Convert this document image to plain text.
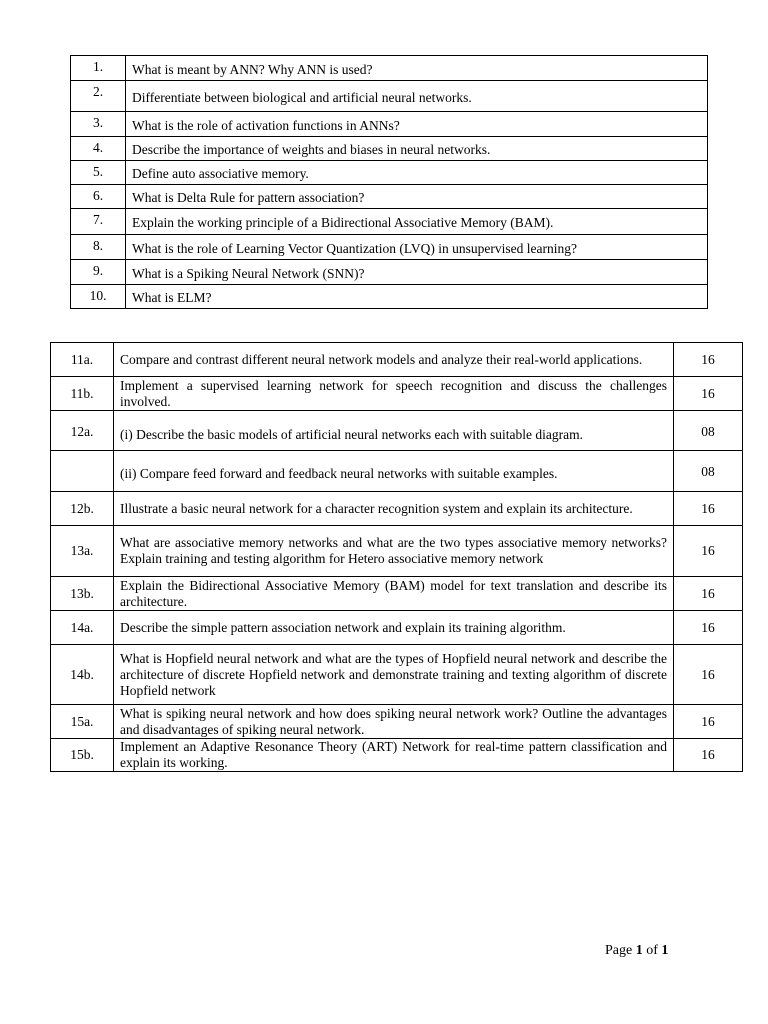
1.	What is meant by ANN? Why ANN is used?
2.	Differentiate between biological and artificial neural networks.
3.	What is the role of activation functions in ANNs?
4.	Describe the importance of weights and biases in neural networks.
5.	Define auto associative memory.
6.	What is Delta Rule for pattern association?
7.	Explain the working principle of a Bidirectional Associative Memory (BAM).
8.	What is the role of Learning Vector Quantization (LVQ) in unsupervised learning?
9.	What is a Spiking Neural Network (SNN)?
10.	What is ELM?
11a.	Compare and contrast different neural network models and analyze their real-world applications.	16
11b.	Implement a supervised learning network for speech recognition and discuss the challenges involved.	16
12a.	(i) Describe the basic models of artificial neural networks each with suitable diagram.	08
	(ii) Compare feed forward and feedback neural networks with suitable examples.	08
12b.	Illustrate a basic neural network for a character recognition system and explain its architecture.	16
13a.	What are associative memory networks and what are the two types associative memory networks? Explain training and testing algorithm for Hetero associative memory network	16
13b.	Explain the Bidirectional Associative Memory (BAM) model for text translation and describe its architecture.	16
14a.	Describe the simple pattern association network and explain its training algorithm.	16
14b.	What is Hopfield neural network and what are the types of Hopfield neural network and describe the architecture of discrete Hopfield network and demonstrate training and texting algorithm of discrete Hopfield network	16
15a.	What is spiking neural network and how does spiking neural network work? Outline the advantages and disadvantages of spiking neural network.	16
15b.	Implement an Adaptive Resonance Theory (ART) Network for real-time pattern classification and explain its working.	16
Page 1 of 1
